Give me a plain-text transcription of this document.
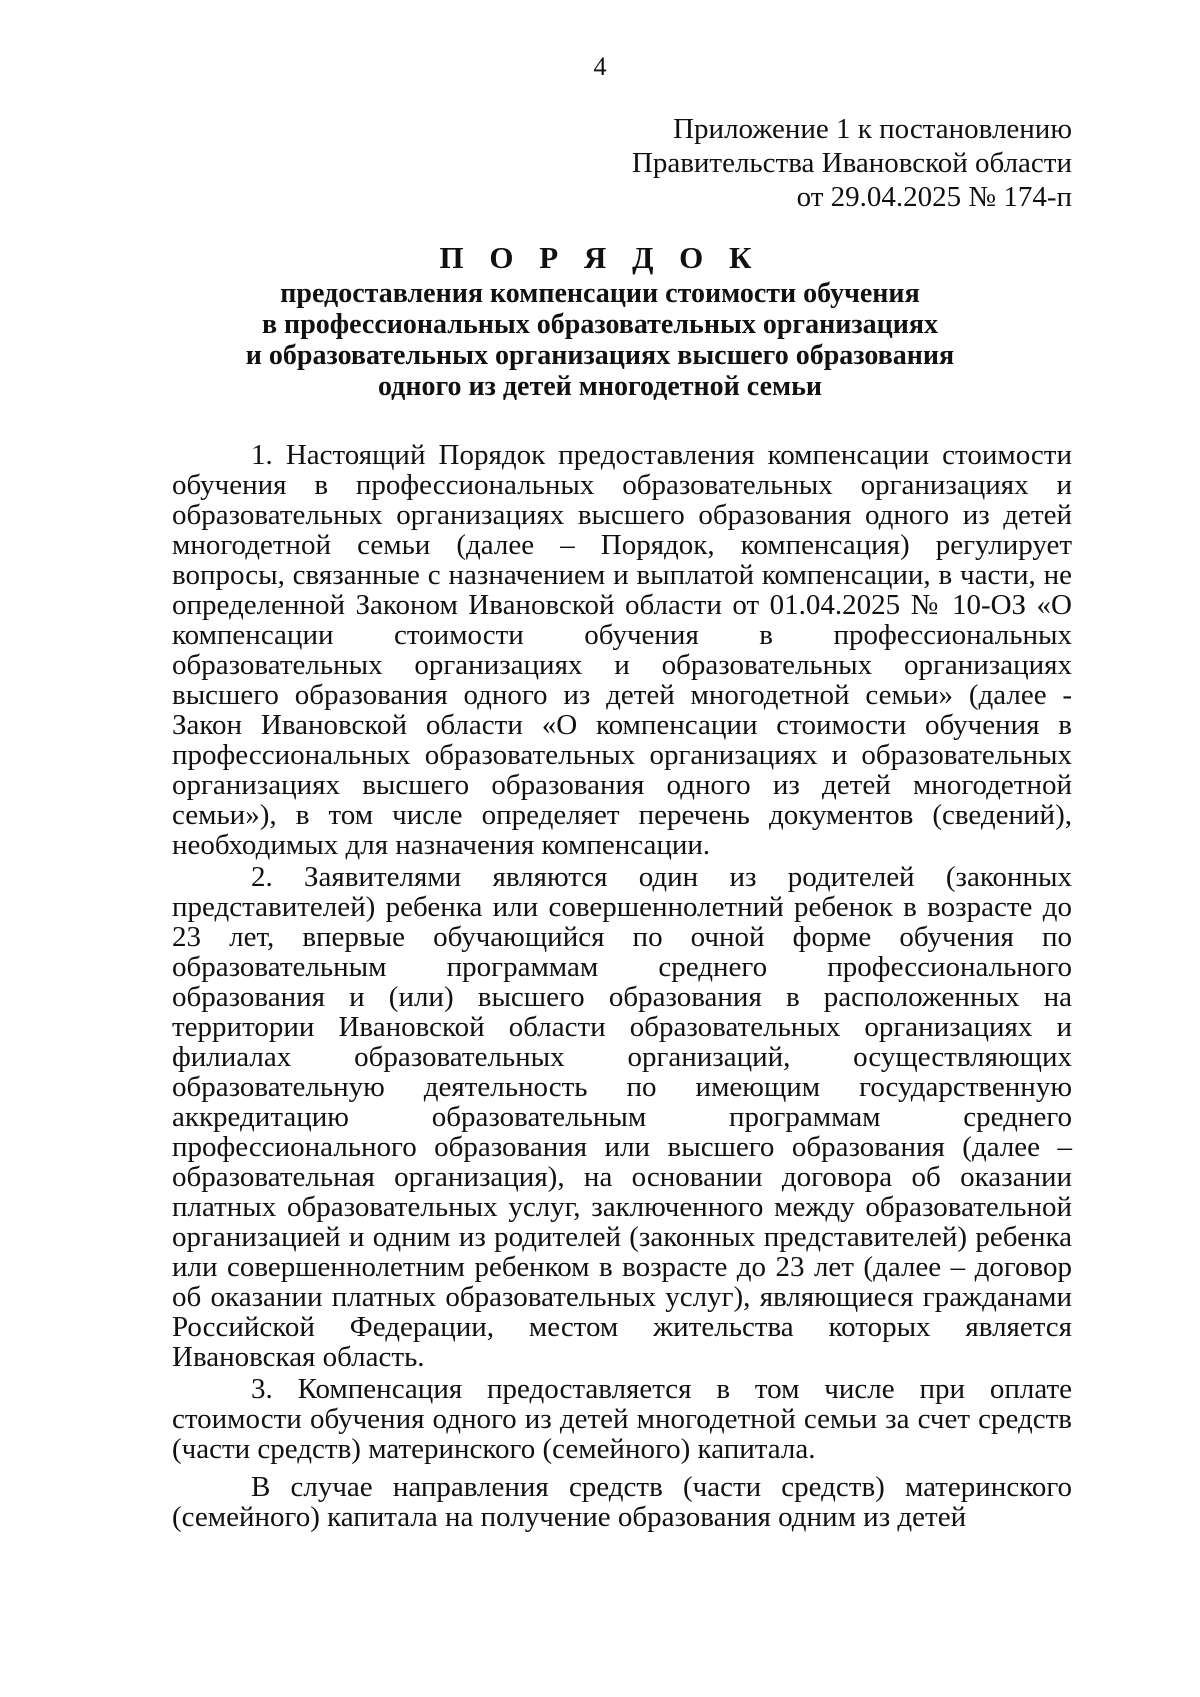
4
Приложение 1 к постановлению
Правительства Ивановской области
от 29.04.2025 № 174-п
П О Р Я Д О К
предоставления компенсации стоимости обучения
в профессиональных образовательных организациях
и образовательных организациях высшего образования
одного из детей многодетной семьи

1. Настоящий Порядок предоставления компенсации стоимости обучения в профессиональных образовательных организациях и образовательных организациях высшего образования одного из детей многодетной семьи (далее – Порядок, компенсация) регулирует вопросы, связанные с назначением и выплатой компенсации, в части, не определенной Законом Ивановской области от 01.04.2025 № 10-ОЗ «О компенсации стоимости обучения в профессиональных образовательных организациях и образовательных организациях высшего образования одного из детей многодетной семьи» (далее - Закон Ивановской области «О компенсации стоимости обучения в профессиональных образовательных организациях и образовательных организациях высшего образования одного из детей многодетной семьи»), в том числе определяет перечень документов (сведений), необходимых для назначения компенсации.

2. Заявителями являются один из родителей (законных представителей) ребенка или совершеннолетний ребенок в возрасте до 23 лет, впервые обучающийся по очной форме обучения по образовательным программам среднего профессионального образования и (или) высшего образования в расположенных на территории Ивановской области образовательных организациях и филиалах образовательных организаций, осуществляющих образовательную деятельность по имеющим государственную аккредитацию образовательным программам среднего профессионального образования или высшего образования (далее – образовательная организация), на основании договора об оказании платных образовательных услуг, заключенного между образовательной организацией и одним из родителей (законных представителей) ребенка или совершеннолетним ребенком в возрасте до 23 лет (далее – договор об оказании платных образовательных услуг), являющиеся гражданами Российской Федерации, местом жительства которых является Ивановская область.

3. Компенсация предоставляется в том числе при оплате стоимости обучения одного из детей многодетной семьи за счет средств (части средств) материнского (семейного) капитала.

В случае направления средств (части средств) материнского (семейного) капитала на получение образования одним из детей
